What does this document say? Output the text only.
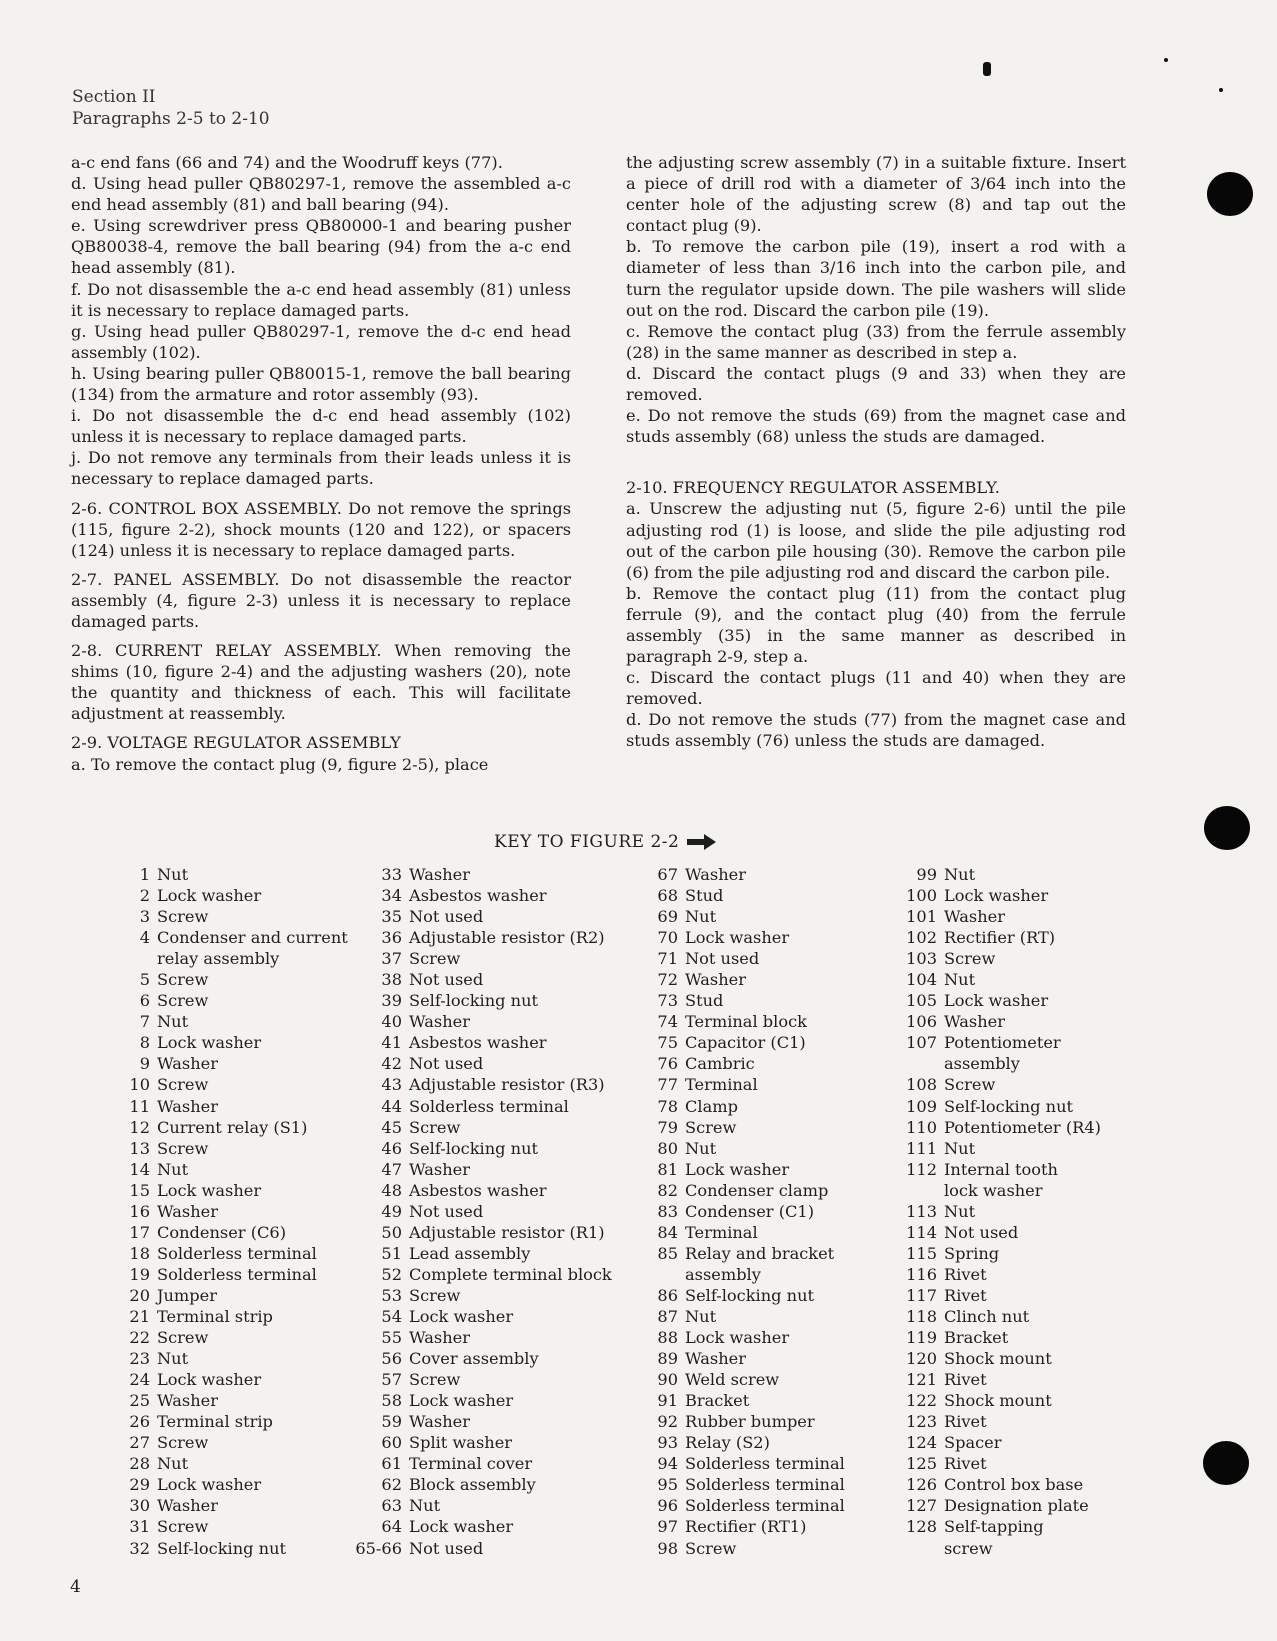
Section II
Paragraphs 2-5 to 2-10

a-c end fans (66 and 74) and the Woodruff keys (77).

d. Using head puller QB80297-1, remove the assembled a-c end head assembly (81) and ball bearing (94).

e. Using screwdriver press QB80000-1 and bearing pusher QB80038-4, remove the ball bearing (94) from the a-c end head assembly (81).

f. Do not disassemble the a-c end head assembly (81) unless it is necessary to replace damaged parts.

g. Using head puller QB80297-1, remove the d-c end head assembly (102).

h. Using bearing puller QB80015-1, remove the ball bearing (134) from the armature and rotor assembly (93).

i. Do not disassemble the d-c end head assembly (102) unless it is necessary to replace damaged parts.

j. Do not remove any terminals from their leads unless it is necessary to replace damaged parts.

2-6. CONTROL BOX ASSEMBLY. Do not remove the springs (115, figure 2-2), shock mounts (120 and 122), or spacers (124) unless it is necessary to replace damaged parts.

2-7. PANEL ASSEMBLY. Do not disassemble the reactor assembly (4, figure 2-3) unless it is necessary to replace damaged parts.

2-8. CURRENT RELAY ASSEMBLY. When removing the shims (10, figure 2-4) and the adjusting washers (20), note the quantity and thickness of each. This will facilitate adjustment at reassembly.

2-9. VOLTAGE REGULATOR ASSEMBLY

a. To remove the contact plug (9, figure 2-5), place

the adjusting screw assembly (7) in a suitable fixture. Insert a piece of drill rod with a diameter of 3/64 inch into the center hole of the adjusting screw (8) and tap out the contact plug (9).

b. To remove the carbon pile (19), insert a rod with a diameter of less than 3/16 inch into the carbon pile, and turn the regulator upside down. The pile washers will slide out on the rod. Discard the carbon pile (19).

c. Remove the contact plug (33) from the ferrule assembly (28) in the same manner as described in step a.

d. Discard the contact plugs (9 and 33) when they are removed.

e. Do not remove the studs (69) from the magnet case and studs assembly (68) unless the studs are damaged.

2-10. FREQUENCY REGULATOR ASSEMBLY.

a. Unscrew the adjusting nut (5, figure 2-6) until the pile adjusting rod (1) is loose, and slide the pile adjusting rod out of the carbon pile housing (30). Remove the carbon pile (6) from the pile adjusting rod and discard the carbon pile.

b. Remove the contact plug (11) from the contact plug ferrule (9), and the contact plug (40) from the ferrule assembly (35) in the same manner as described in paragraph 2-9, step a.

c. Discard the contact plugs (11 and 40) when they are removed.

d. Do not remove the studs (77) from the magnet case and studs assembly (76) unless the studs are damaged.

KEY TO FIGURE 2-2
1 Nut
2 Lock washer
3 Screw
4 Condenser and current
relay assembly
5 Screw
6 Screw
7 Nut
8 Lock washer
9 Washer
10 Screw
11 Washer
12 Current relay (S1)
13 Screw
14 Nut
15 Lock washer
16 Washer
17 Condenser (C6)
18 Solderless terminal
19 Solderless terminal
20 Jumper
21 Terminal strip
22 Screw
23 Nut
24 Lock washer
25 Washer
26 Terminal strip
27 Screw
28 Nut
29 Lock washer
30 Washer
31 Screw
32 Self-locking nut
33 Washer
34 Asbestos washer
35 Not used
36 Adjustable resistor (R2)
37 Screw
38 Not used
39 Self-locking nut
40 Washer
41 Asbestos washer
42 Not used
43 Adjustable resistor (R3)
44 Solderless terminal
45 Screw
46 Self-locking nut
47 Washer
48 Asbestos washer
49 Not used
50 Adjustable resistor (R1)
51 Lead assembly
52 Complete terminal block
53 Screw
54 Lock washer
55 Washer
56 Cover assembly
57 Screw
58 Lock washer
59 Washer
60 Split washer
61 Terminal cover
62 Block assembly
63 Nut
64 Lock washer
65-66 Not used
67 Washer
68 Stud
69 Nut
70 Lock washer
71 Not used
72 Washer
73 Stud
74 Terminal block
75 Capacitor (C1)
76 Cambric
77 Terminal
78 Clamp
79 Screw
80 Nut
81 Lock washer
82 Condenser clamp
83 Condenser (C1)
84 Terminal
85 Relay and bracket
assembly
86 Self-locking nut
87 Nut
88 Lock washer
89 Washer
90 Weld screw
91 Bracket
92 Rubber bumper
93 Relay (S2)
94 Solderless terminal
95 Solderless terminal
96 Solderless terminal
97 Rectifier (RT1)
98 Screw
99 Nut
100 Lock washer
101 Washer
102 Rectifier (RT)
103 Screw
104 Nut
105 Lock washer
106 Washer
107 Potentiometer
assembly
108 Screw
109 Self-locking nut
110 Potentiometer (R4)
111 Nut
112 Internal tooth
lock washer
113 Nut
114 Not used
115 Spring
116 Rivet
117 Rivet
118 Clinch nut
119 Bracket
120 Shock mount
121 Rivet
122 Shock mount
123 Rivet
124 Spacer
125 Rivet
126 Control box base
127 Designation plate
128 Self-tapping
screw
4
